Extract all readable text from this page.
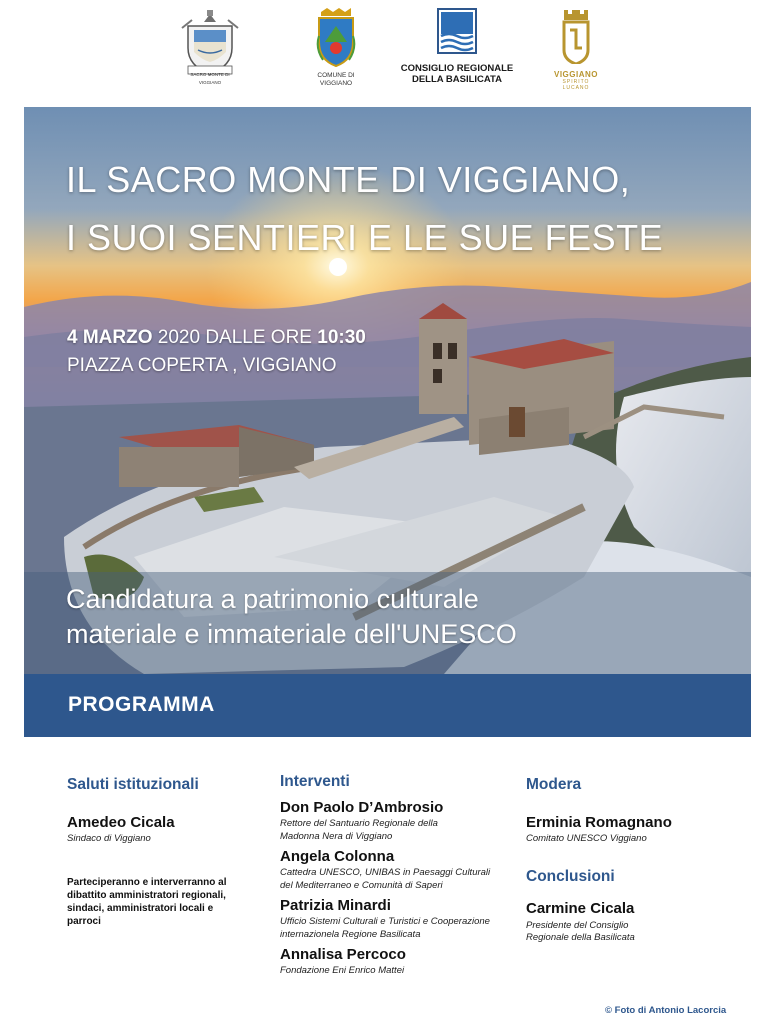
SACRO MONTE DI VIGGIANO
COMUNE DI
VIGGIANO
CONSIGLIO REGIONALE
DELLA BASILICATA	VIGGIANO
SPIRITO LUCANO
IL SACRO MONTE DI VIGGIANO,
I SUOI SENTIERI E LE SUE FESTE
4 MARZO 2020 DALLE ORE 10:30
PIAZZA COPERTA , VIGGIANO
Candidatura a patrimonio culturale
materiale e immateriale dell'UNESCO
PROGRAMMA
Saluti istituzionali
Amedeo Cicala
Sindaco di Viggiano
Parteciperanno e interverranno al
dibattito amministratori regionali,
sindaci, amministratori locali e
parroci
Interventi
Don Paolo D’Ambrosio
Rettore del Santuario Regionale della
Madonna Nera di Viggiano
Angela Colonna
Cattedra UNESCO, UNIBAS in Paesaggi Culturali
del Mediterraneo e Comunità di Saperi
Patrizia Minardi
Ufficio Sistemi Culturali e Turistici e Cooperazione
internazionela Regione Basilicata
Annalisa Percoco
Fondazione Eni Enrico Mattei
Modera
Erminia Romagnano
Comitato UNESCO Viggiano
Conclusioni
Carmine Cicala
Presidente del Consiglio
Regionale della Basilicata
© Foto di Antonio Lacorcia
